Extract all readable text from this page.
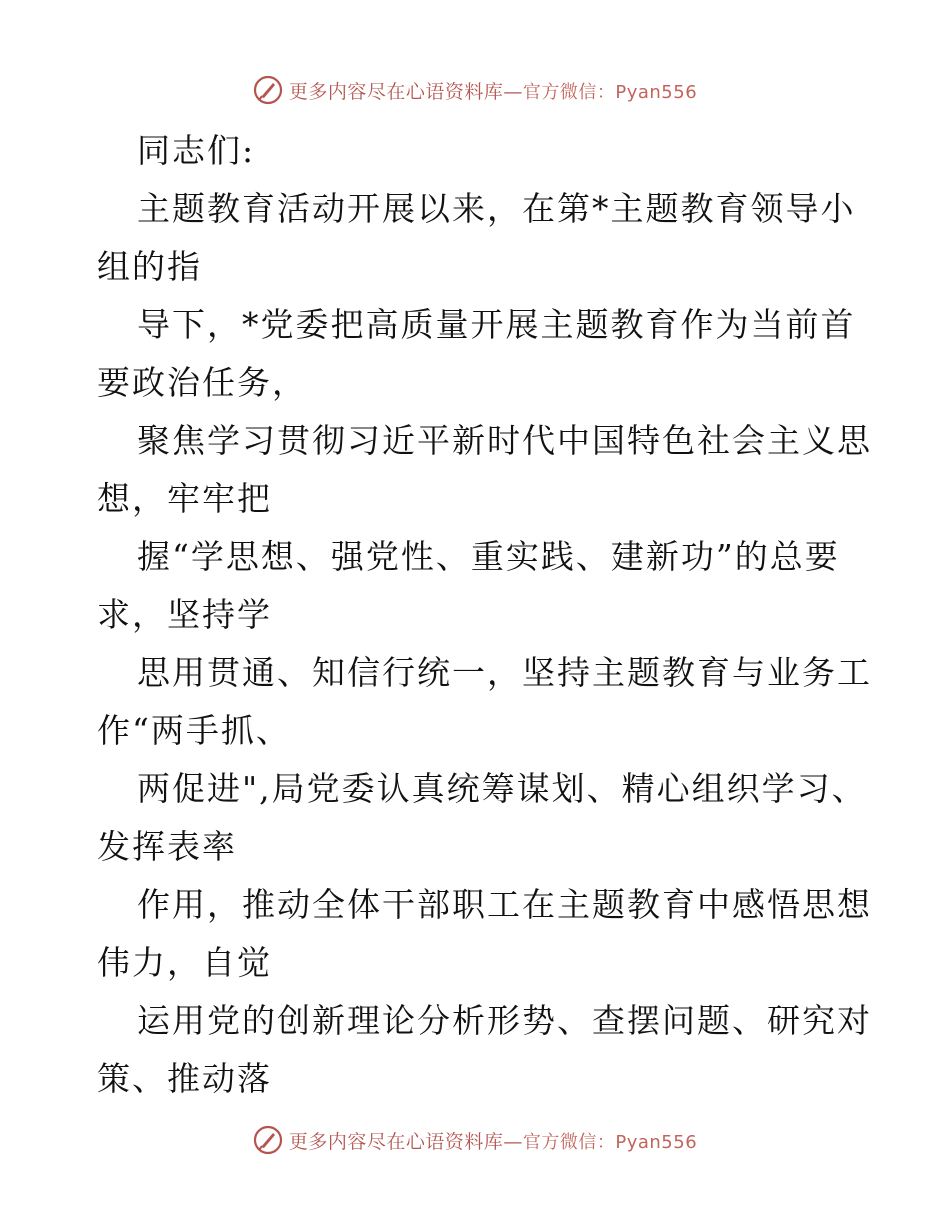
更多内容尽在心语资料库—官方微信：Pyan556
同志们:
主题教育活动开展以来，在第*主题教育领导小
组的指
导下，*党委把高质量开展主题教育作为当前首
要政治任务，
聚焦学习贯彻习近平新时代中国特色社会主义思
想，牢牢把
握“学思想、强党性、重实践、建新功”的总要
求，坚持学
思用贯通、知信行统一，坚持主题教育与业务工
作“两手抓、
两促进",局党委认真统筹谋划、精心组织学习、
发挥表率
作用，推动全体干部职工在主题教育中感悟思想
伟力，自觉
运用党的创新理论分析形势、查摆问题、研究对
策、推动落
更多内容尽在心语资料库—官方微信：Pyan556
